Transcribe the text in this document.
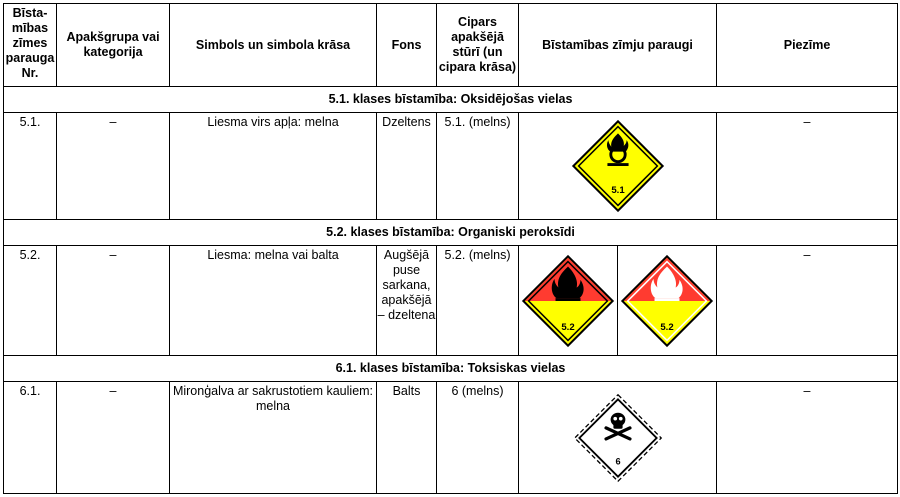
Bīstamības zīmes parauga Nr.	Apakšgrupa vai kategorija	Simbols un simbola krāsa	Fons	Cipars apakšējā stūrī (un cipara krāsa)	Bīstamības zīmju paraugi		Piezīme
5.1. klases bīstamība: Oksidējošas vielas							
5.1.	–	Liesma virs apļa: melna	Dzeltens	5.1. (melns)	5.1		–
5.2. klases bīstamība: Organiski peroksīdi							
5.2.	–	Liesma: melna vai balta	Augšējā puse sarkana, apakšējā – dzeltena	5.2. (melns)	5.2	5.2	–
6.1. klases bīstamība: Toksiskas vielas							
6.1.	–	Mironģalva ar sakrustotiem kauliem: melna	Balts	6 (melns)	6		–
